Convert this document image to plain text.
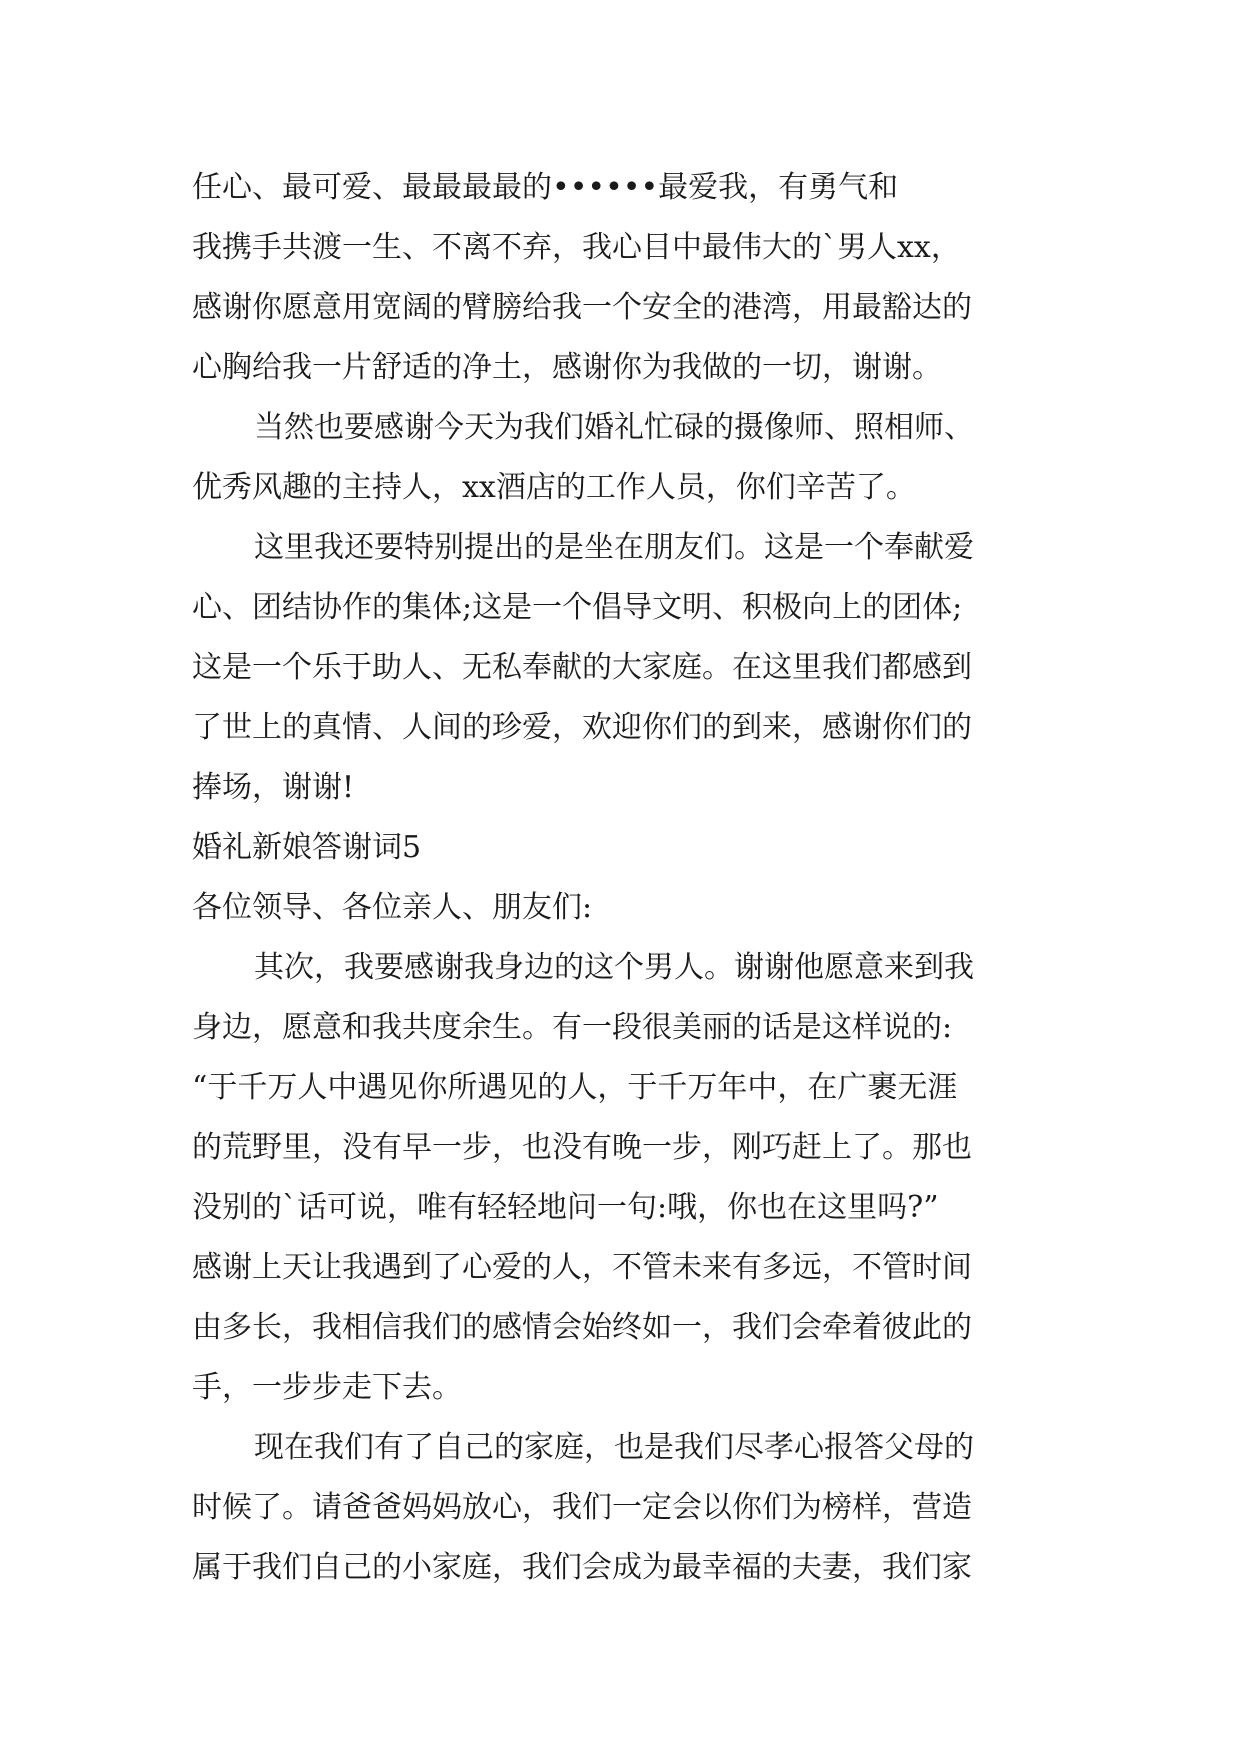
任心、最可爱、最最最最的••••••最爱我，有勇气和
我携手共渡一生、不离不弃，我心目中最伟大的`男人xx，
感谢你愿意用宽阔的臂膀给我一个安全的港湾，用最豁达的
心胸给我一片舒适的净土，感谢你为我做的一切，谢谢。
当然也要感谢今天为我们婚礼忙碌的摄像师、照相师、
优秀风趣的主持人，xx酒店的工作人员，你们辛苦了。
这里我还要特别提出的是坐在朋友们。这是一个奉献爱
心、团结协作的集体;这是一个倡导文明、积极向上的团体;
这是一个乐于助人、无私奉献的大家庭。在这里我们都感到
了世上的真情、人间的珍爱，欢迎你们的到来，感谢你们的
捧场，谢谢!
婚礼新娘答谢词5
各位领导、各位亲人、朋友们:
其次，我要感谢我身边的这个男人。谢谢他愿意来到我
身边，愿意和我共度余生。有一段很美丽的话是这样说的:
“于千万人中遇见你所遇见的人，于千万年中，在广裹无涯
的荒野里，没有早一步，也没有晚一步，刚巧赶上了。那也
没别的`话可说，唯有轻轻地问一句:哦，你也在这里吗?”
感谢上天让我遇到了心爱的人，不管未来有多远，不管时间
由多长，我相信我们的感情会始终如一，我们会牵着彼此的
手，一步步走下去。
现在我们有了自己的家庭，也是我们尽孝心报答父母的
时候了。请爸爸妈妈放心，我们一定会以你们为榜样，营造
属于我们自己的小家庭，我们会成为最幸福的夫妻，我们家
